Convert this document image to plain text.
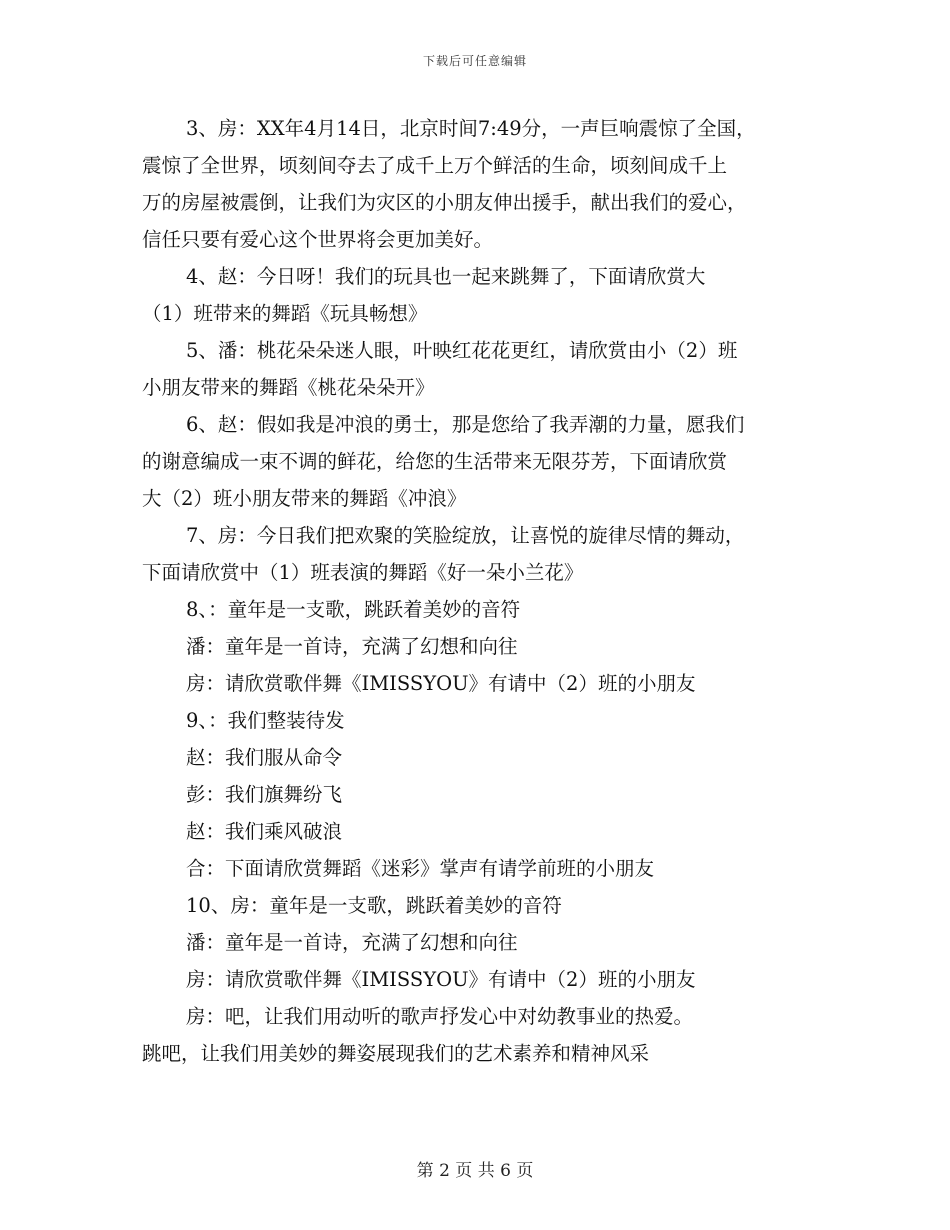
下载后可任意编辑
3、房：XX年4月14日，北京时间7:49分，一声巨响震惊了全国，
震惊了全世界，顷刻间夺去了成千上万个鲜活的生命，顷刻间成千上
万的房屋被震倒，让我们为灾区的小朋友伸出援手，献出我们的爱心，
信任只要有爱心这个世界将会更加美好。
4、赵：今日呀！我们的玩具也一起来跳舞了，下面请欣赏大
（1）班带来的舞蹈《玩具畅想》
5、潘：桃花朵朵迷人眼，叶映红花花更红，请欣赏由小（2）班
小朋友带来的舞蹈《桃花朵朵开》
6、赵：假如我是冲浪的勇士，那是您给了我弄潮的力量，愿我们
的谢意编成一束不调的鲜花，给您的生活带来无限芬芳，下面请欣赏
大（2）班小朋友带来的舞蹈《冲浪》
7、房：今日我们把欢聚的笑脸绽放，让喜悦的旋律尽情的舞动，
下面请欣赏中（1）班表演的舞蹈《好一朵小兰花》
8、：童年是一支歌，跳跃着美妙的音符
潘：童年是一首诗，充满了幻想和向往
房：请欣赏歌伴舞《IMISSYOU》有请中（2）班的小朋友
9、：我们整装待发
赵：我们服从命令
彭：我们旗舞纷飞
赵：我们乘风破浪
合：下面请欣赏舞蹈《迷彩》掌声有请学前班的小朋友
10、房：童年是一支歌，跳跃着美妙的音符
潘：童年是一首诗，充满了幻想和向往
房：请欣赏歌伴舞《IMISSYOU》有请中（2）班的小朋友
房：吧，让我们用动听的歌声抒发心中对幼教事业的热爱。
跳吧，让我们用美妙的舞姿展现我们的艺术素养和精神风采
第 2 页 共 6 页
